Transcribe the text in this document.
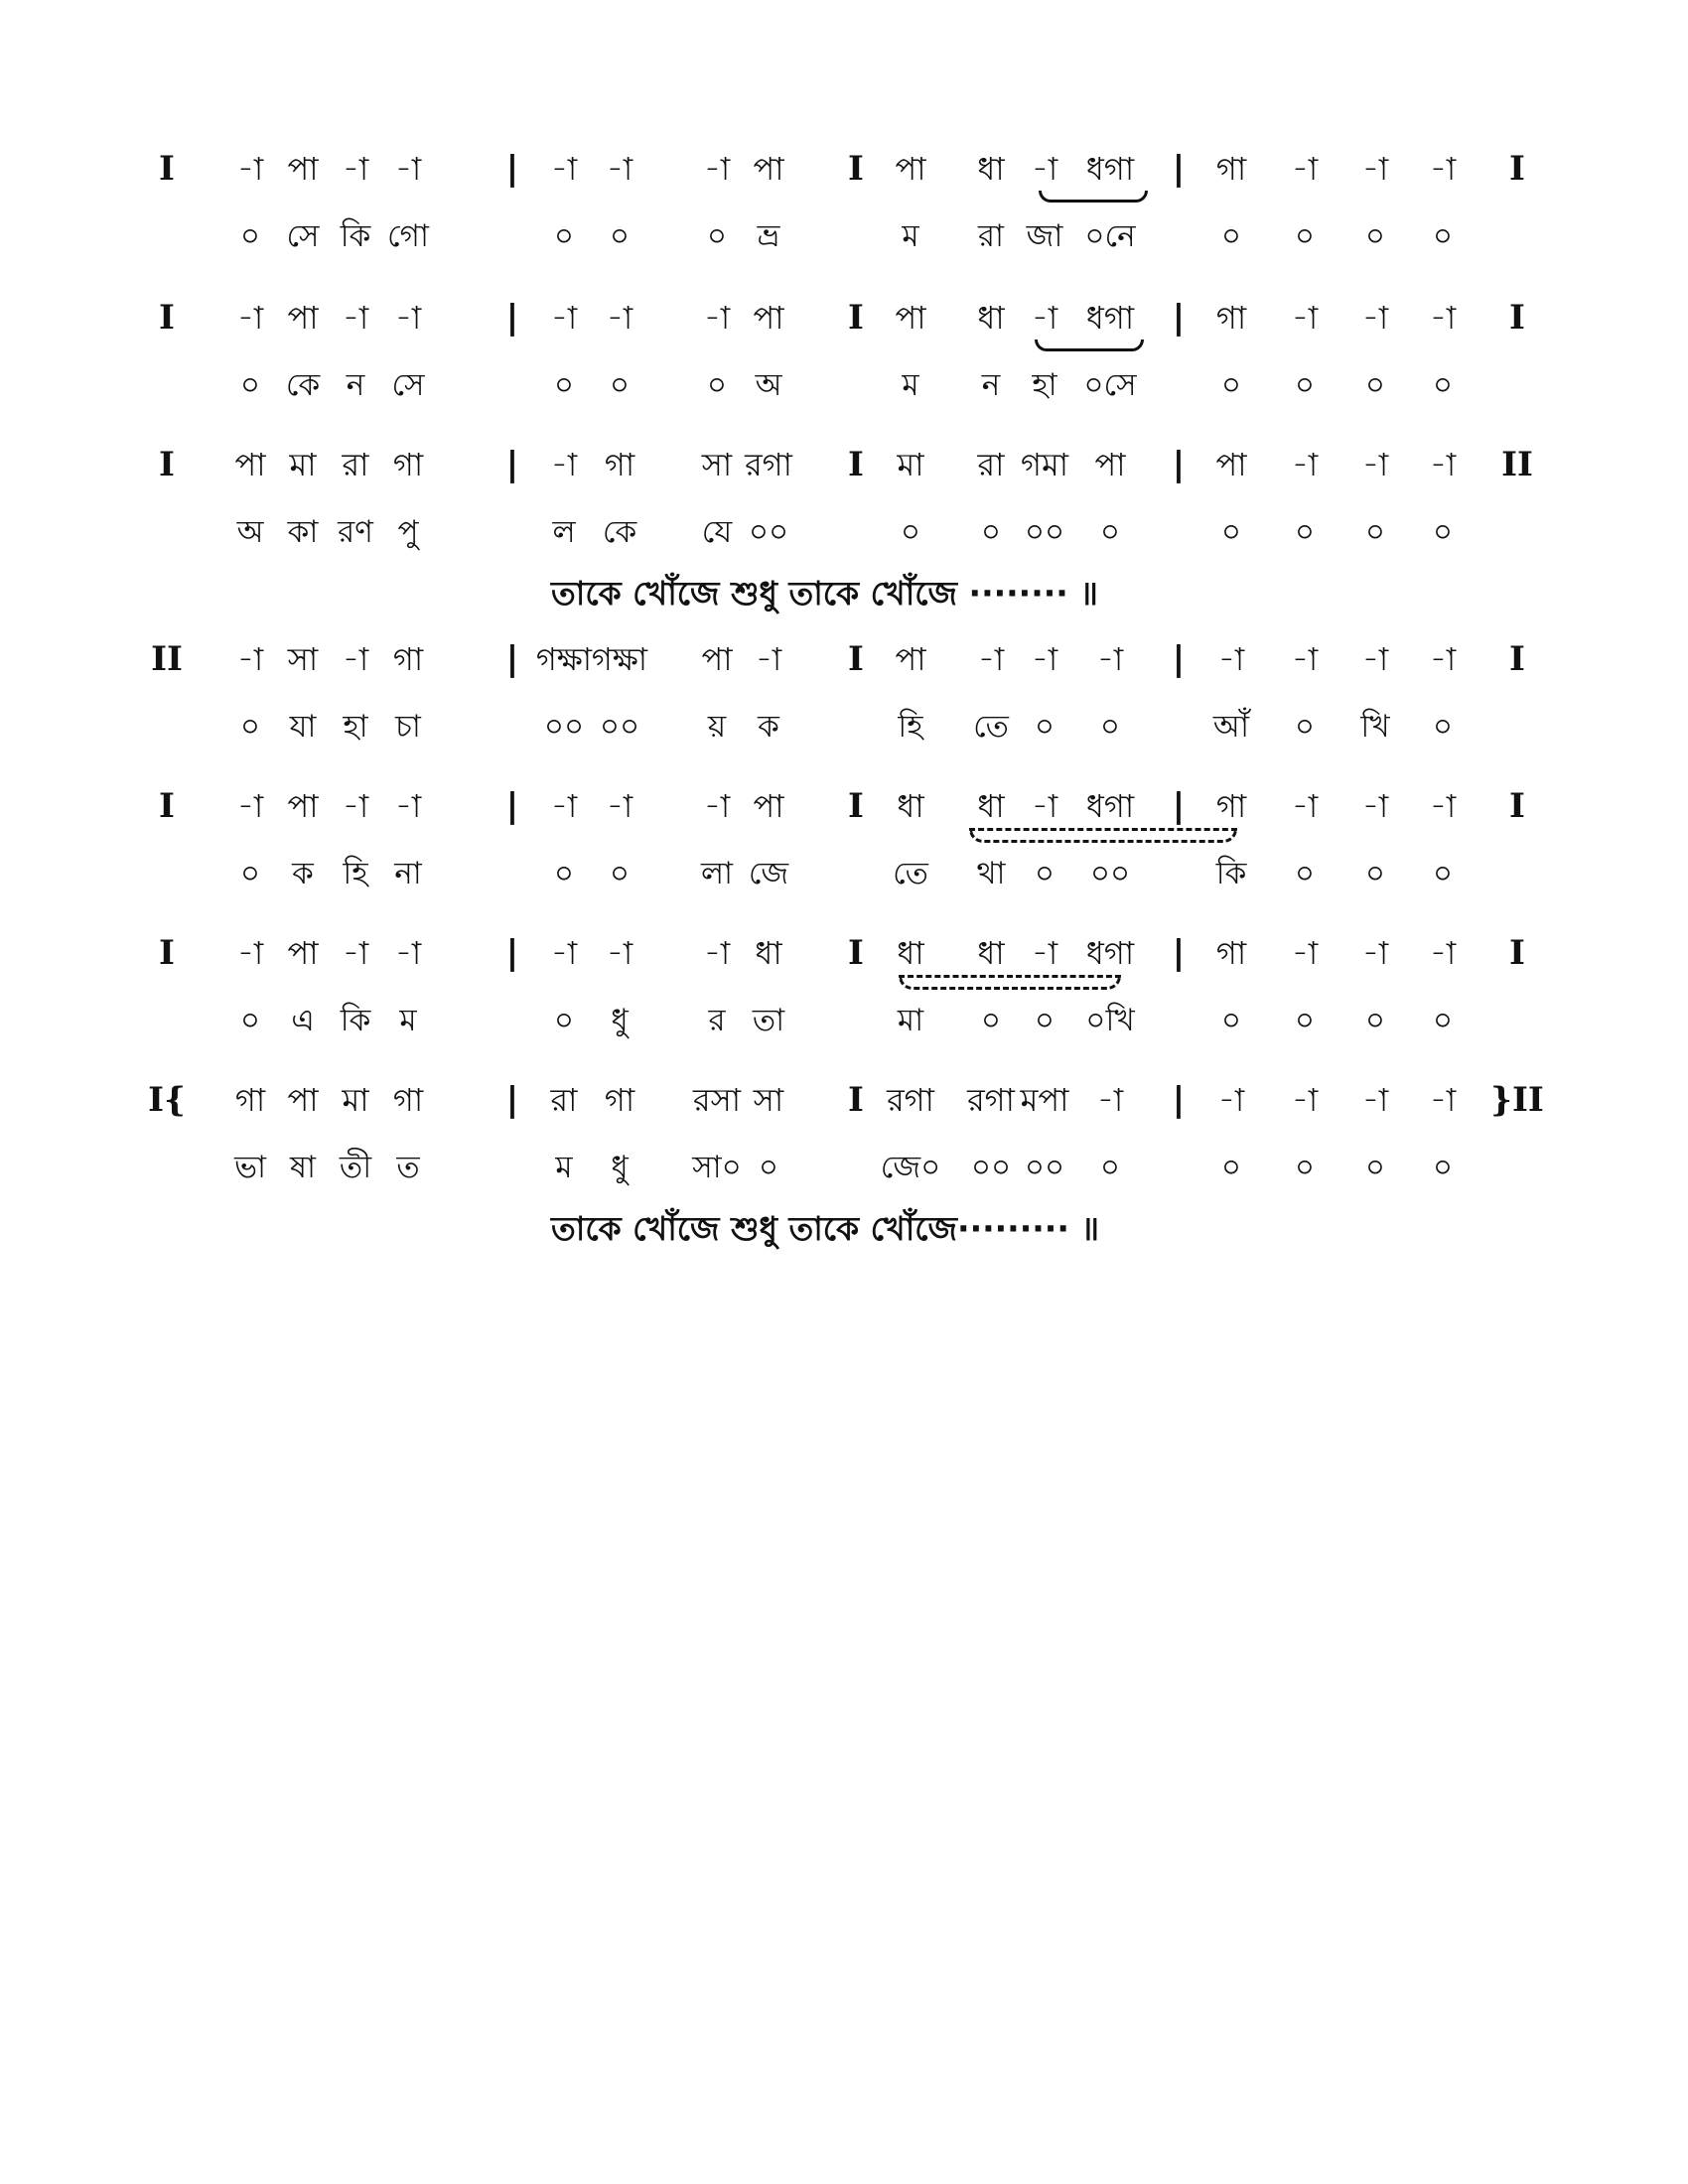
I -া পা -া -া	| -া -া -া পা I পা ধা -া ধগা | গা -া -া -া I
০ সে কি গো	০ ০	০ ভ্র	ম রা জা ০নে	০ ০ ০ ০
I -া পা -া -া	| -া -া -া পা I পা ধা -া ধগা | গা -া -া -া I
০ কে ন সে	০ ০	০ অ	ম ন হা ০সে	০ ০ ০ ০
I পা মা রা গা | -া গা সা রগা I মা রা গমা পা | পা -া -া -া II
অ কা রণ পু	ল কে যে ০০	০ ০ ০০ ০	০ ০ ০ ০
তাকে খোঁজে শুধু তাকে খোঁজে ········ ॥
II -া সা -া গা | গক্ষা গক্ষা পা -া I পা -া -া -া | -া -া -া -া I
০ যা হা চা	০০ ০০ য় ক	হি তে ০ ০	আঁ ০ খি ০
I -া পা -া -া	| -া -া -া পা I ধা ধা -া ধগা | গা -া -া -া I
০ ক হি না	০ ০ লা জে	তে থা ০ ০০	কি ০ ০ ০
I -া পা -া -া	| -া -া -া ধা I ধা ধা -া ধগা | গা -া -া -া I
০ এ কি ম	০ ধু	র তা	মা ০ ০ ০খি	০ ০ ০ ০
I{ গা পা মা গা | রা গা রসা সা I রগা রগা মপা -া | -া -া -া -া }II
ভা ষা তী ত	ম ধু সা০ ০	জে০ ০০ ০০ ০	০ ০ ০ ০
তাকে খোঁজে শুধু তাকে খোঁজে········· ॥
